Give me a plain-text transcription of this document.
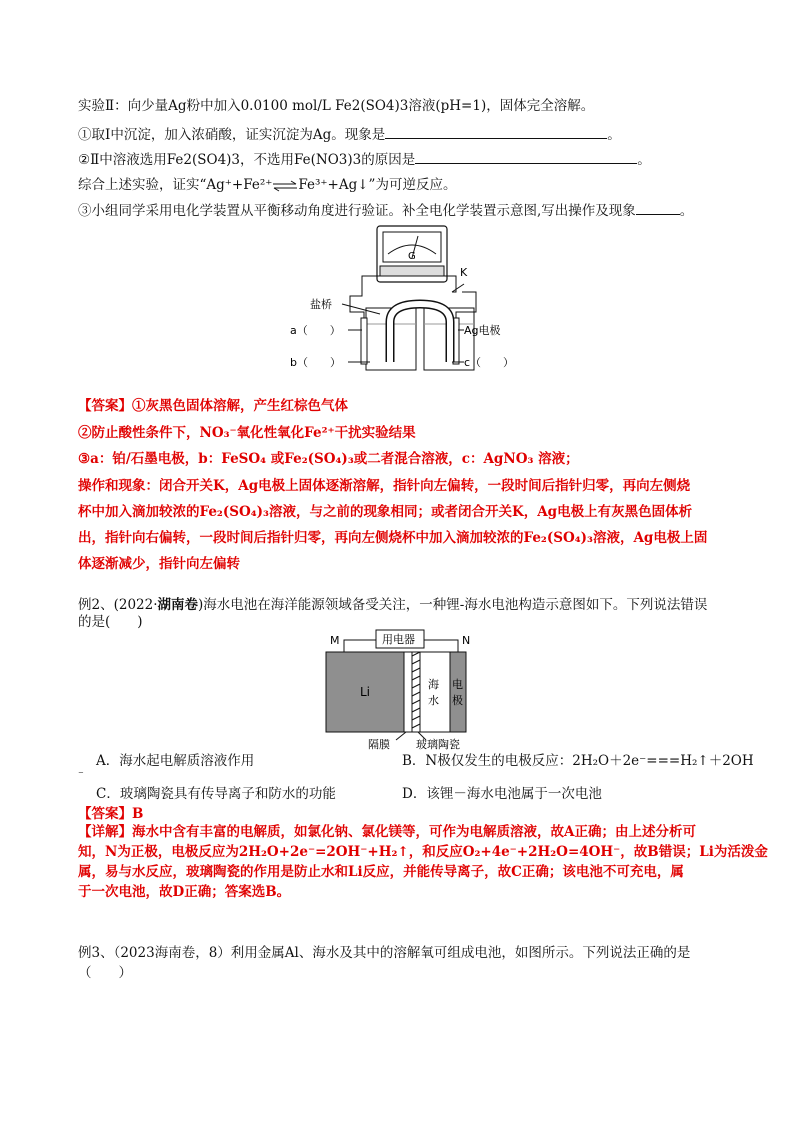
实验Ⅱ：向少量Ag粉中加入0.0100 mol/L Fe2(SO4)3溶液(pH=1)，固体完全溶解。
①取Ⅰ中沉淀，加入浓硝酸，证实沉淀为Ag。现象是	。
②Ⅱ中溶液选用Fe2(SO4)3，不选用Fe(NO3)3的原因是	。
综合上述实验，证实“Ag⁺+Fe²⁺⇌Fe³⁺+Ag↓”为可逆反应。
③小组同学采用电化学装置从平衡移动角度进行验证。补全电化学装置示意图,写出操作及现象	。
G
K
盐桥
a（　　）
b（　　）
Ag电极
c（　　）
【答案】①灰黑色固体溶解，产生红棕色气体
②防止酸性条件下，NO₃⁻氧化性氧化Fe²⁺干扰实验结果
③a：铂/石墨电极，b：FeSO₄ 或Fe₂(SO₄)₃或二者混合溶液，c：AgNO₃ 溶液；
操作和现象：闭合开关K，Ag电极上固体逐渐溶解，指针向左偏转，一段时间后指针归零，再向左侧烧
杯中加入滴加较浓的Fe₂(SO₄)₃溶液，与之前的现象相同；或者闭合开关K，Ag电极上有灰黑色固体析
出，指针向右偏转，一段时间后指针归零，再向左侧烧杯中加入滴加较浓的Fe₂(SO₄)₃溶液，Ag电极上固
体逐渐减少，指针向左偏转
例2、(2022·湖南卷)海水电池在海洋能源领域备受关注，一种锂-海水电池构造示意图如下。下列说法错误
的是(　　)
M	N
用电器
Li
海
水
电
极
隔膜 玻璃陶瓷
A．海水起电解质溶液作用	B．N极仅发生的电极反应：2H₂O＋2e⁻===H₂↑＋2OH
⁻
C．玻璃陶瓷具有传导离子和防水的功能	D．该锂－海水电池属于一次电池
【答案】B
【详解】海水中含有丰富的电解质，如氯化钠、氯化镁等，可作为电解质溶液，故A正确；由上述分析可
知，N为正极，电极反应为2H₂O+2e⁻=2OH⁻+H₂↑，和反应O₂+4e⁻+2H₂O=4OH⁻，故B错误；Li为活泼金
属，易与水反应，玻璃陶瓷的作用是防止水和Li反应，并能传导离子，故C正确；该电池不可充电，属
于一次电池，故D正确；答案选B。
例3、（2023海南卷，8）利用金属Al、海水及其中的溶解氧可组成电池，如图所示。下列说法正确的是
（　　）
